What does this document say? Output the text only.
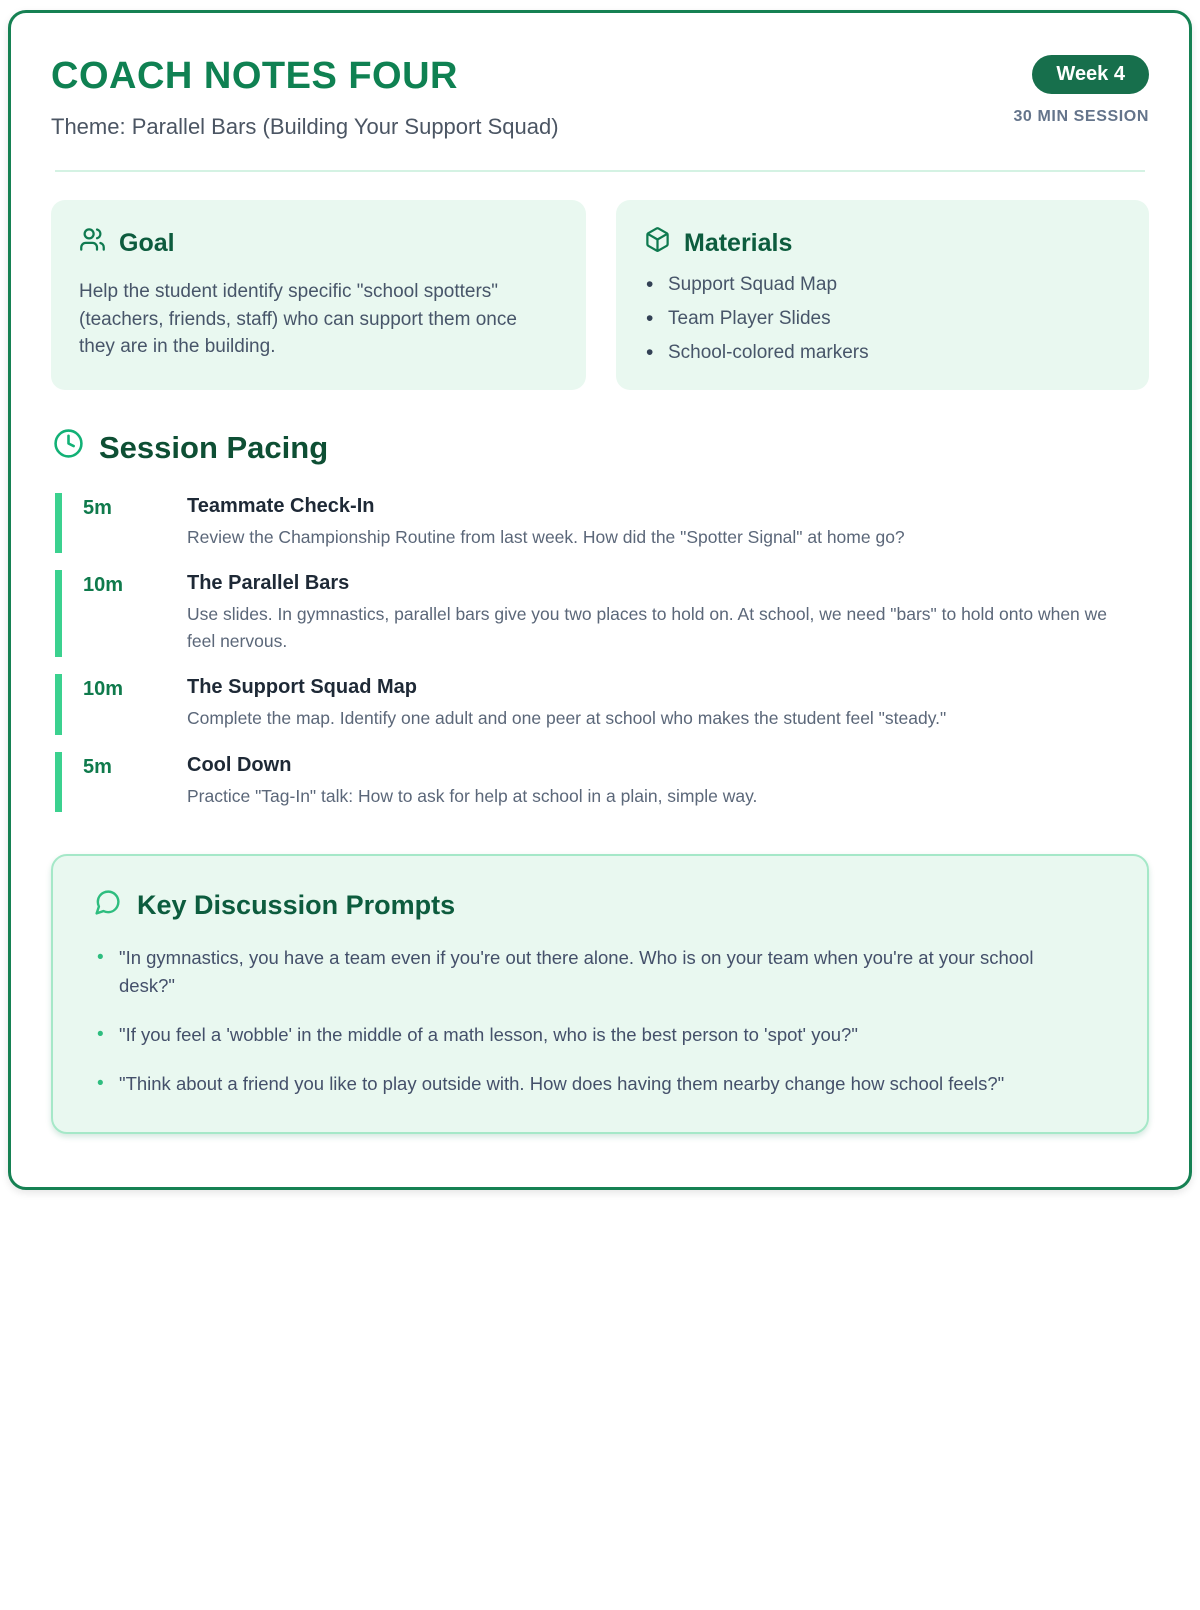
COACH NOTES FOUR
Theme: Parallel Bars (Building Your Support Squad)
Week 4
30 MIN SESSION
Goal

Help the student identify specific "school spotters" (teachers, friends, staff) who can support them once they are in the building.

Materials
• Support Squad Map
• Team Player Slides
• School-colored markers
Session Pacing
5m	Teammate Check-In
Review the Championship Routine from last week. How did the "Spotter Signal" at home go?
10m	The Parallel Bars
Use slides. In gymnastics, parallel bars give you two places to hold on. At school, we need "bars" to hold onto when we feel nervous.
10m	The Support Squad Map
Complete the map. Identify one adult and one peer at school who makes the student feel "steady."
5m	Cool Down
Practice "Tag-In" talk: How to ask for help at school in a plain, simple way.
Key Discussion Prompts
• "In gymnastics, you have a team even if you're out there alone. Who is on your team when you're at your school desk?"
• "If you feel a 'wobble' in the middle of a math lesson, who is the best person to 'spot' you?"
• "Think about a friend you like to play outside with. How does having them nearby change how school feels?"
